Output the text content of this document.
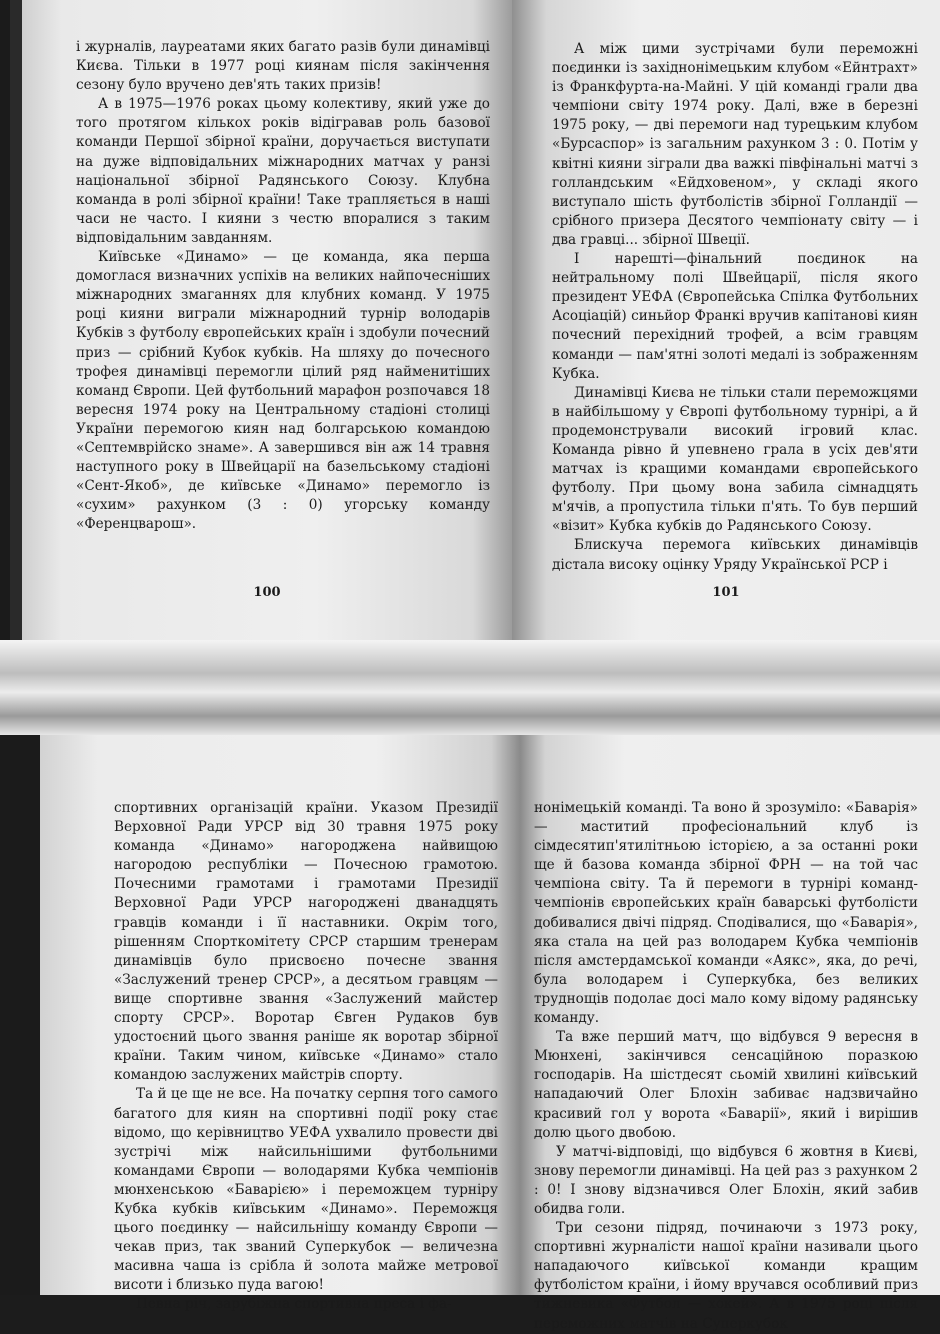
і журналів, лауреатами яких багато разів були динамівці Києва. Тільки в 1977 році киянам після закінчення сезону було вручено дев'ять таких призів!

А в 1975—1976 роках цьому колективу, який уже до того протягом кількох років відігравав роль базової команди Першої збірної країни, доручається виступати на дуже відповідальних міжнародних матчах у ранзі національної збірної Радянського Союзу. Клубна команда в ролі збірної країни! Таке трапляється в наші часи не часто. І кияни з честю впоралися з таким відповідальним завданням.

Київське «Динамо» — це команда, яка перша домоглася визначних успіхів на великих найпочесніших міжнародних змаганнях для клубних команд. У 1975 році кияни виграли міжнародний турнір володарів Кубків з футболу європейських країн і здобули почесний приз — срібний Кубок кубків. На шляху до почесного трофея динамівці перемогли цілий ряд найменитіших команд Європи. Цей футбольний марафон розпочався 18 вересня 1974 року на Центральному стадіоні столиці України перемогою киян над болгарською командою «Септемврійско знаме». А завершився він аж 14 травня наступного року в Швейцарії на базельському стадіоні «Сент-Якоб», де київське «Динамо» перемогло із «сухим» рахунком (3 : 0) угорську команду «Ференцварош».

100

А між цими зустрічами були переможні поєдинки із західнонімецьким клубом «Ейнтрахт» із Франкфурта-на-Майні. У цій команді грали два чемпіони світу 1974 року. Далі, вже в березні 1975 року, — дві перемоги над турецьким клубом «Бурсаспор» із загальним рахунком 3 : 0. Потім у квітні кияни зіграли два важкі півфінальні матчі з голландським «Ейдховеном», у складі якого виступало шість футболістів збірної Голландії — срібного призера Десятого чемпіонату світу — і два гравці... збірної Швеції.

І нарешті—фінальний поєдинок на нейтральному полі Швейцарії, після якого президент УЕФА (Європейська Спілка Футбольних Асоціацій) синьйор Франкі вручив капітанові киян почесний перехідний трофей, а всім гравцям команди — пам'ятні золоті медалі із зображенням Кубка.

Динамівці Києва не тільки стали переможцями в найбільшому у Європі футбольному турнірі, а й продемонстрували високий ігровий клас. Команда рівно й упевнено грала в усіх дев'яти матчах із кращими командами європейського футболу. При цьому вона забила сімнадцять м'ячів, а пропустила тільки п'ять. То був перший «візит» Кубка кубків до Радянського Союзу.

Блискуча перемога київських динамівців дістала високу оцінку Уряду Української РСР і

101

спортивних організацій країни. Указом Президії Верховної Ради УРСР від 30 травня 1975 року команда «Динамо» нагороджена найвищою нагородою республіки — Почесною грамотою. Почесними грамотами і грамотами Президії Верховної Ради УРСР нагороджені дванадцять гравців команди і її наставники. Окрім того, рішенням Спорткомітету СРСР старшим тренерам динамівців було присвоєно почесне звання «Заслужений тренер СРСР», а десятьом гравцям — вище спортивне звання «Заслужений майстер спорту СРСР». Воротар Євген Рудаков був удостоєний цього звання раніше як воротар збірної країни. Таким чином, київське «Динамо» стало командою заслужених майстрів спорту.

Та й це ще не все. На початку серпня того самого багатого для киян на спортивні події року стає відомо, що керівництво УЕФА ухвалило провести дві зустрічі між найсильнішими футбольними командами Європи — володарями Кубка чемпіонів мюнхенською «Баварією» і переможцем турніру Кубка кубків київським «Динамо». Переможця цього поєдинку — найсильнішу команду Європи — чекав приз, так званий Суперкубок — величезна масивна чаша із срібла й золота майже метрової висоти і близько пуда вагою!

Певна річ, зарубіжна спортивна преса і фа-

нонімецькій команді. Та воно й зрозуміло: «Баварія» — маститий професіональний клуб із сімдесятип'ятилітньою історією, а за останні роки ще й базова команда збірної ФРН — на той час чемпіона світу. Та й перемоги в турнірі команд-чемпіонів європейських країн баварські футболісти добивалися двічі підряд. Сподівалися, що «Баварія», яка стала на цей раз володарем Кубка чемпіонів після амстердамської команди «Аякс», яка, до речі, була володарем і Суперкубка, без великих труднощів подолає досі мало кому відому радянську команду.

Та вже перший матч, що відбувся 9 вересня в Мюнхені, закінчився сенсаційною поразкою господарів. На шістдесят сьомій хвилині київський нападаючий Олег Блохін забиває надзвичайно красивий гол у ворота «Баварії», який і вирішив долю цього двобою.

У матчі-відповіді, що відбувся 6 жовтня в Києві, знову перемогли динамівці. На цей раз з рахунком 2 : 0! І знову відзначився Олег Блохін, який забив обидва голи.

Три сезони підряд, починаючи з 1973 року, спортивні журналісти нашої країни називали цього нападаючого київської команди кращим футболістом країни, і йому вручався особливий приз тижневика «Футбол — хокей». А в 1975 році після переможних матчів на Суперкубок
